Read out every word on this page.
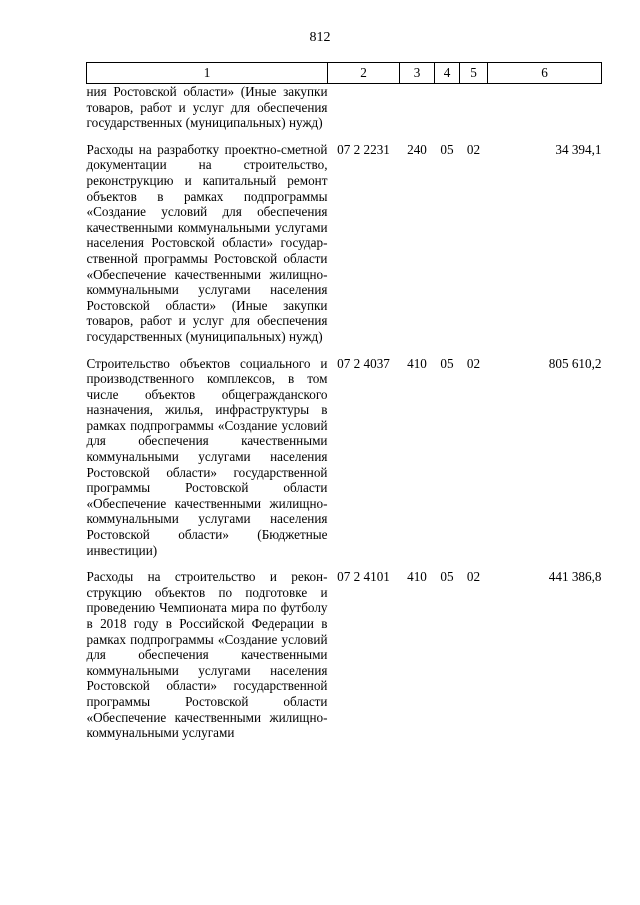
812
1	2	3	4	5	6
ния Ростовской области» (Иные закупки товаров, работ и услуг для обеспечения государственных (муниципальных) нужд)					
Расходы на разработку проектно-сметной документации на строительство, реконструкцию и капитальный ремонт объектов в рамках подпрограммы «Создание условий для обеспечения качественными коммунальными услугами населения Ростовской области» государственной программы Ростовской области «Обеспечение качественными жилищно-коммунальными услугами населения Ростовской области» (Иные закупки товаров, работ и услуг для обеспечения государственных (муниципальных) нужд)	07 2 2231	240	05	02	34 394,1
Строительство объектов социального и производственного комплексов, в том числе объектов общегражданского назначения, жилья, инфраструктуры в рамках подпрограммы «Создание условий для обеспечения качественными коммунальными услугами населения Ростовской области» государственной программы Ростовской области «Обеспечение качественными жилищно-коммунальными услугами населения Ростовской области» (Бюджетные инвестиции)	07 2 4037	410	05	02	805 610,2
Расходы на строительство и реконструкцию объектов по подготовке и проведению Чемпионата мира по футболу в 2018 году в Российской Федерации в рамках подпрограммы «Создание условий для обеспечения качественными коммунальными услугами населения Ростовской области» государственной программы Ростовской области «Обеспечение качественными жилищно-коммунальными услугами	07 2 4101	410	05	02	441 386,8
